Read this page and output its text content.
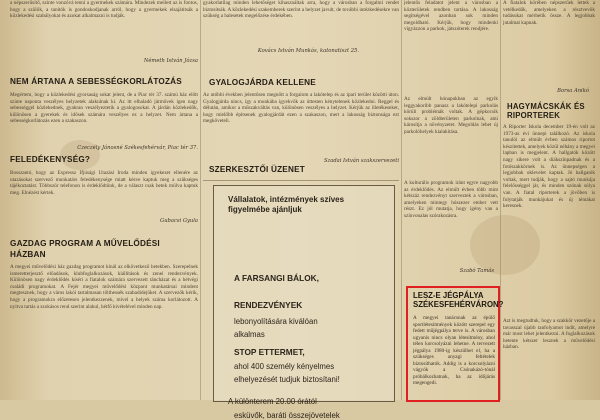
a népszerűsítő, szinte vonzóvá tenni a gyermekek számára. Mindezek mellett az is fontos, hogy a szülők, a tanítók is gondoskodjanak arról, hogy a gyermekek elsajátítsák a közlekedési szabályokat és azokat alkalmazni is tudják.
Németh István Józsa
NEM ÁRTANA A SEBESSÉGKORLÁTOZÁS
Megértem, hogy a közlekedési gyorsaság sokat jelent, de a Piac tér 37. számú ház előtt szinte naponta veszélyes helyzetek alakulnak ki. Az itt elhaladó járművek igen nagy sebességgel közlekednek, gyakran veszélyeztetik a gyalogosokat. A járdán közlekedők, különösen a gyerekek és idősek számára veszélyes ez a helyzet. Nem ártana a sebességkorlátozás ezen a szakaszon.
Czeczély Jánosné Székesfehérvár, Piac tér 37.
FELEDÉKENYSÉG?
Bosszantó, hogy az Expressz Ifjúsági Utazási Iroda minden igyekezet ellenére az utazásokat szervező munkatárs feledékenysége miatt késve kaptuk meg a szükséges tájékoztatást. Többször telefonon is érdeklődtünk, de a választ csak hetek múlva kaptuk meg. Elnézést kértek.
Gubacsi Gyula
GAZDAG PROGRAM A MŰVELŐDÉSI HÁZBAN
A megyei művelődési ház gazdag programot kínál az elkövetkező hetekben. Szerepelnek ismeretterjesztő előadások, klubfoglalkozások, kiállítások és zenei rendezvények. Különösen nagy érdeklődés kíséri a fiatalok számára szervezett táncházat és a hétvégi családi programokat. A Fejér megyei művelődési központ munkatársai mindent megtesznek, hogy a város lakói tartalmasan tölthessék szabadidejüket. A szervezők kérik, hogy a programokra előzetesen jelentkezzenek, mivel a helyek száma korlátozott. A nyitva tartás a szokásos rend szerint alakul, hétfő kivételével minden nap.
gyakorlatilag minden lehetőséget kihasználtak arra, hogy a városban a forgalmi rendet biztosítsák. A közlekedési szakemberek szerint a helyzet javult, de további intézkedésekre van szükség a balesetek megelőzése érdekében.
Kovács István Munkás, katonatiszt 25.
GYALOGJÁRDA KELLENE
Az utóbbi években jelentősen megnőtt a forgalom a lakótelep és az ipari terület közötti úton. Gyalogjárda nincs, így a munkába igyekvők az úttesten kénytelenek közlekedni. Reggel és délután, amikor a műszakváltás van, különösen veszélyes a helyzet. Kérjük az illetékeseket, hogy mielőbb építsenek gyalogjárdát ezen a szakaszon, mert a lakosság biztonsága ezt megköveteli.
Szadai István szakszervezeti
SZERKESZTŐI ÜZENET
Vállalatok, intézmények szíves figyelmébe ajánljuk
A FARSANGI BÁLOK,
RENDEZVÉNYEK
lebonyolítására kiválóan
alkalmas
STOP ETTERMET,
ahol 400 személy kényelmes
elhelyezését tudjuk biztosítani!
A különterem 20.00 órától
esküvők, baráti összejövetelek
jelentős feladatot jelent a városban a közterületek rendben tartása. A lakosság segítségével azonban sok minden megoldható. Kérjük, hogy mindenki vigyázzon a parkok, játszóterek rendjére.
Az elmúlt hónapokban az egyik leggyakoribb panasz a lakótelepi parkolás körüli problémák voltak. A gépkocsik sokszor a zöldterületen parkolnak, ami károsítja a növényzetet. Megoldás lehet új parkolóhelyek kialakítása.
A kulturális programok iránt egyre nagyobb az érdeklődés. Az elmúlt évben több mint kétszáz rendezvényt szerveztek a városban, amelyeken mintegy húszezer ember vett részt. Ez jól mutatja, hogy igény van a színvonalas szórakozásra.
Szabó Tamás
LESZ-E JÉGPÁLYA SZÉKESFEHÉRVÁRON?
A megyei tanácsnak az épülő sportlétesítmények között szerepel egy fedett műjégpálya terve is. A városban ugyanis nincs olyan létesítmény, ahol télen korcsolyázni lehetne. A tervezett jégpálya 1980-ig készülhet el, ha a szükséges anyagi feltételek biztosíthatók. Addig is a korcsolyázni vágyók a Csónakázó-tónál próbálkozhatnak, ha az időjárás megengedi.
A fiatalok körében népszerűek lettek a vetélkedők, amelyeken a résztvevők tudásukat mérhetik össze. A legjobbak jutalmat kapnak.
Borsa Anikó
HAGYMÁCSKÁK ÉS RIPORTEREK
A Riporter Iskola december 19-én volt az 1973-as évi ünnepi találkozó. Az iskola tanulói az elmúlt évben számos riportot készítettek, amelyek közül néhány a megyei lapban is megjelent. A hallgatók között nagy sikere volt a diákszínpadnak és a fotószakkörnek is. Az ünnepségen a legjobbak oklevelet kaptak. Jó hallgatók voltak, mert tudják, hogy a sajtó munkája felelősséggel jár, és minden szónak súlya van. A fiatal riporterek a jövőben is folytatják munkájukat és új témákat keresnek.
Azt is megtudtuk, hogy a szakkör vezetője a tavasszal újabb tanfolyamot indít, amelyre már most lehet jelentkezni. A foglalkozások hetente kétszer lesznek a művelődési házban.
